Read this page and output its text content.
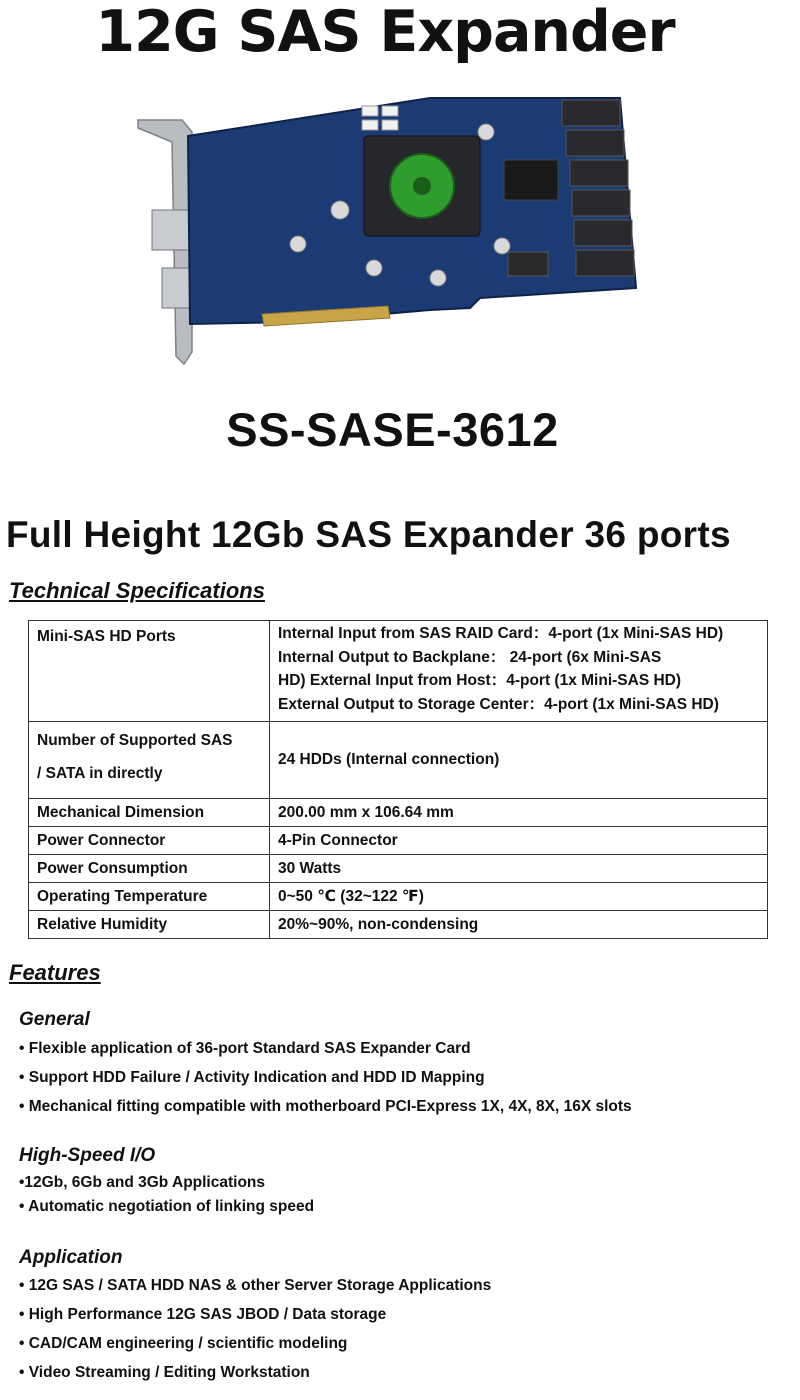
12G SAS Expander
SS-SASE-3612
Full Height 12Gb SAS Expander 36 ports
Technical Specifications
Mini-SAS HD Ports	Internal Input from SAS RAID Card：4-port (1x Mini-SAS HD)
Internal Output to Backplane： 24-port (6x Mini-SAS
HD) External Input from Host：4-port (1x Mini-SAS HD)
External Output to Storage Center：4-port (1x Mini-SAS HD)

Number of Supported SAS
/ SATA in directly	24 HDDs (Internal connection)

Mechanical Dimension	200.00 mm x 106.64 mm

Power Connector	4-Pin Connector

Power Consumption	30 Watts

Operating Temperature	0~50 ℃ (32~122 ℉)

Relative Humidity	20%~90%, non-condensing
Features
General
• Flexible application of 36-port Standard SAS Expander Card
• Support HDD Failure / Activity Indication and HDD ID Mapping
• Mechanical fitting compatible with motherboard PCI-Express 1X, 4X, 8X, 16X slots
High-Speed I/O
•12Gb, 6Gb and 3Gb Applications
• Automatic negotiation of linking speed
Application
• 12G SAS / SATA HDD NAS & other Server Storage Applications
• High Performance 12G SAS JBOD / Data storage
• CAD/CAM engineering / scientific modeling
• Video Streaming / Editing Workstation
